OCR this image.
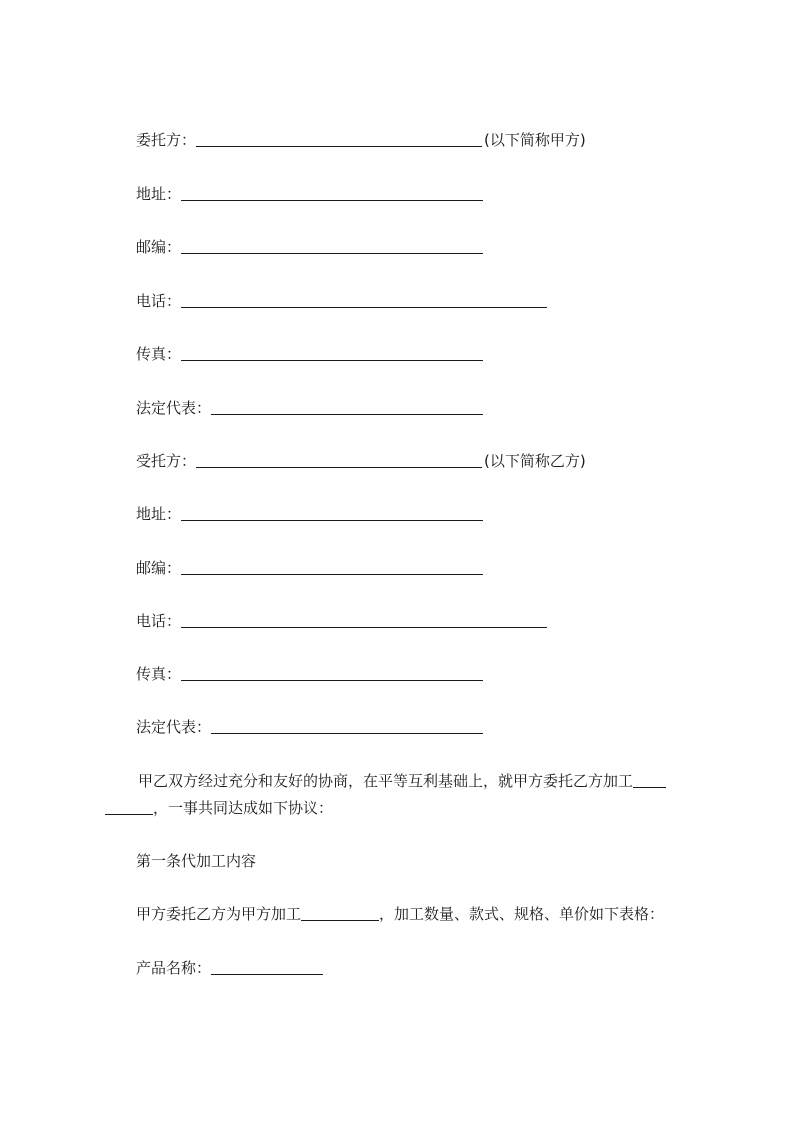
委托方：	(以下简称甲方)
地址：
邮编：
电话：
传真：
法定代表：
受托方：	(以下简称乙方)
地址：
邮编：
电话：
传真：
法定代表：
甲乙双方经过充分和友好的协商，在平等互利基础上，就甲方委托乙方加工
，一事共同达成如下协议：
第一条代加工内容
甲方委托乙方为甲方加工	，加工数量、款式、规格、单价如下表格：
产品名称：
